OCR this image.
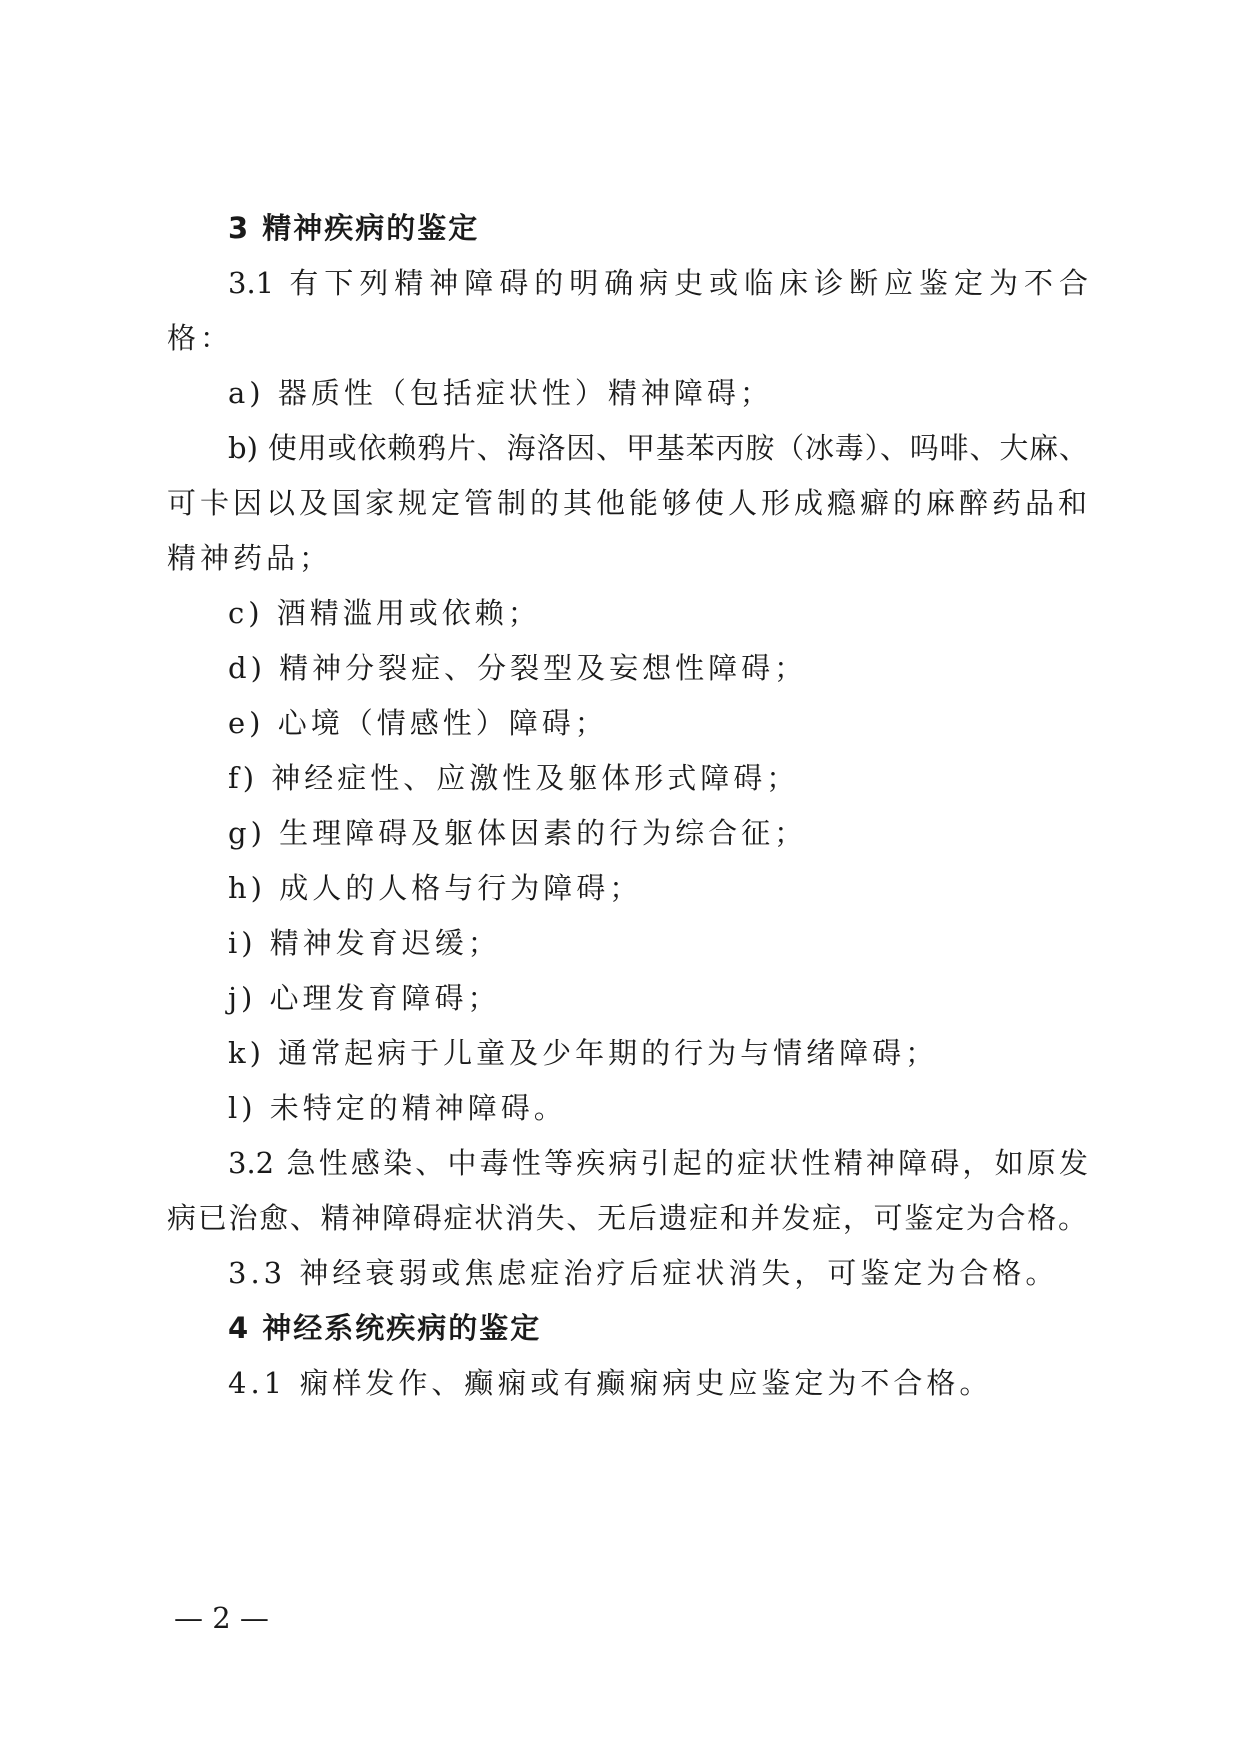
3 精神疾病的鉴定
3.1 有下列精神障碍的明确病史或临床诊断应鉴定为不合
格：
a) 器质性（包括症状性）精神障碍；
b) 使用或依赖鸦片、海洛因、甲基苯丙胺（冰毒）、吗啡、大麻、
可卡因以及国家规定管制的其他能够使人形成瘾癖的麻醉药品和
精神药品；
c) 酒精滥用或依赖；
d) 精神分裂症、分裂型及妄想性障碍；
e) 心境（情感性）障碍；
f) 神经症性、应激性及躯体形式障碍；
g) 生理障碍及躯体因素的行为综合征；
h) 成人的人格与行为障碍；
i) 精神发育迟缓；
j) 心理发育障碍；
k) 通常起病于儿童及少年期的行为与情绪障碍；
l) 未特定的精神障碍。
3.2 急性感染、中毒性等疾病引起的症状性精神障碍，如原发
病已治愈、精神障碍症状消失、无后遗症和并发症，可鉴定为合格。
3.3 神经衰弱或焦虑症治疗后症状消失，可鉴定为合格。
4 神经系统疾病的鉴定
4.1 痫样发作、癫痫或有癫痫病史应鉴定为不合格。
— 2 —
